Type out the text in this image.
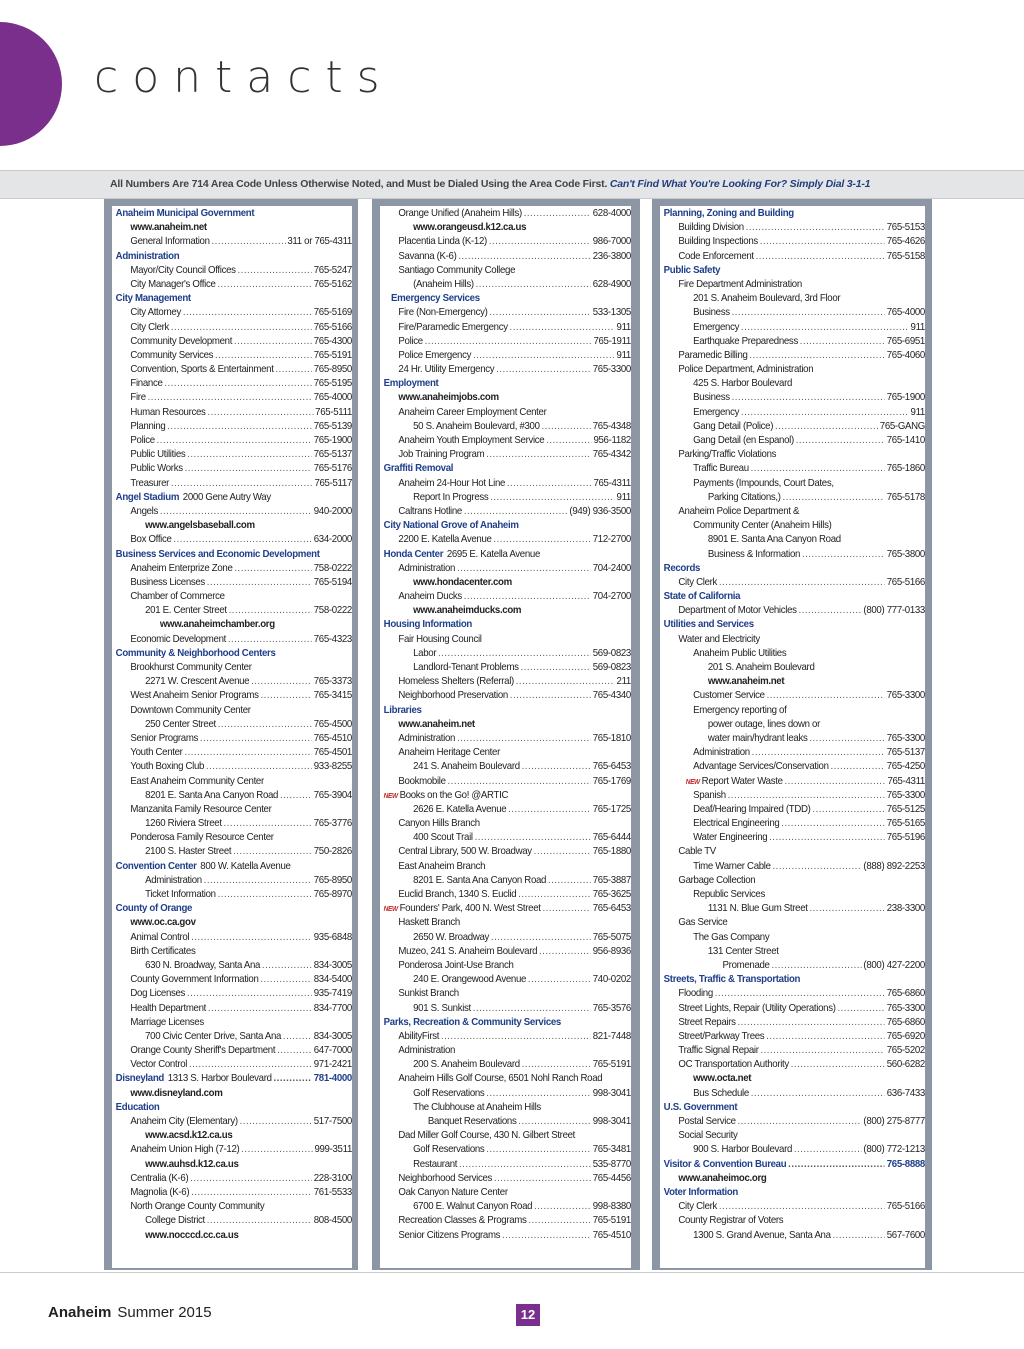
contacts
All Numbers Are 714 Area Code Unless Otherwise Noted, and Must be Dialed Using the Area Code First. Can't Find What You're Looking For? Simply Dial 3-1-1
Anaheim Municipal Government
www.anaheim.net
General Information . . .	311 or 765-4311
Administration
Mayor/City Council Offices . . .	765-5247
City Manager's Office . . .	765-5162
City Management
City Attorney . . .	765-5169
City Clerk . . .	765-5166
Community Development . . .	765-4300
Community Services . . .	765-5191
Convention, Sports & Entertainment . . .	765-8950
Finance . . .	765-5195
Fire . . .	765-4000
Human Resources . . .	765-5111
Planning . . .	765-5139
Police . . .	765-1900
Public Utilities . . .	765-5137
Public Works . . .	765-5176
Treasurer . . .	765-5117
Angel Stadium 2000 Gene Autry Way
Angels . . .	940-2000
www.angelsbaseball.com
Box Office . . .	634-2000
Business Services and Economic Development
Anaheim Enterprize Zone . . .	758-0222
Business Licenses . . .	765-5194
Chamber of Commerce
201 E. Center Street . . .	758-0222
www.anaheimchamber.org
Economic Development . . .	765-4323
Community & Neighborhood Centers
Brookhurst Community Center
2271 W. Crescent Avenue . . .	765-3373
West Anaheim Senior Programs . . .	765-3415
Downtown Community Center
250 Center Street . . .	765-4500
Senior Programs . . .	765-4510
Youth Center . . .	765-4501
Youth Boxing Club . . .	933-8255
East Anaheim Community Center
8201 E. Santa Ana Canyon Road . . .	765-3904
Manzanita Family Resource Center
1260 Riviera Street . . .	765-3776
Ponderosa Family Resource Center
2100 S. Haster Street . . .	750-2826
Convention Center 800 W. Katella Avenue
Administration . . .	765-8950
Ticket Information . . .	765-8970
County of Orange
www.oc.ca.gov
Animal Control . . .	935-6848
Birth Certificates
630 N. Broadway, Santa Ana . . .	834-3005
County Government Information . . .	834-5400
Dog Licenses . . .	935-7419
Health Department . . .	834-7700
Marriage Licenses
700 Civic Center Drive, Santa Ana . . .	834-3005
Orange County Sheriff's Department . . .	647-7000
Vector Control . . .	971-2421
Disneyland 1313 S. Harbor Boulevard . . .	781-4000
www.disneyland.com
Education
Anaheim City (Elementary) . . .	517-7500
www.acsd.k12.ca.us
Anaheim Union High (7-12) . . .	999-3511
www.auhsd.k12.ca.us
Centralia (K-6) . . .	228-3100
Magnolia (K-6) . . .	761-5533
North Orange County Community
College District . . .	808-4500
www.nocccd.cc.ca.us
Orange Unified (Anaheim Hills) . . .	628-4000
www.orangeusd.k12.ca.us
Placentia Linda (K-12) . . .	986-7000
Savanna (K-6) . . .	236-3800
Santiago Community College
(Anaheim Hills) . . .	628-4900
Emergency Services
Fire (Non-Emergency) . . .	533-1305
Fire/Paramedic Emergency . . .	911
Police . . .	765-1911
Police Emergency . . .	911
24 Hr. Utility Emergency . . .	765-3300
Employment
www.anaheimjobs.com
Anaheim Career Employment Center
50 S. Anaheim Boulevard, #300 . . .	765-4348
Anaheim Youth Employment Service . . .	956-1182
Job Training Program . . .	765-4342
Graffiti Removal
Anaheim 24-Hour Hot Line . . .	765-4311
Report In Progress . . .	911
Caltrans Hotline . . .	(949) 936-3500
City National Grove of Anaheim
2200 E. Katella Avenue . . .	712-2700
Honda Center 2695 E. Katella Avenue
Administration . . .	704-2400
www.hondacenter.com
Anaheim Ducks . . .	704-2700
www.anaheimducks.com
Housing Information
Fair Housing Council
Labor . . .	569-0823
Landlord-Tenant Problems . . .	569-0823
Homeless Shelters (Referral) . . .	211
Neighborhood Preservation . . .	765-4340
Libraries
www.anaheim.net
Administration . . .	765-1810
Anaheim Heritage Center
241 S. Anaheim Boulevard . . .	765-6453
Bookmobile . . .	765-1769
NEW Books on the Go! @ARTIC
2626 E. Katella Avenue . . .	765-1725
Canyon Hills Branch
400 Scout Trail . . .	765-6444
Central Library, 500 W. Broadway . . .	765-1880
East Anaheim Branch
8201 E. Santa Ana Canyon Road . . .	765-3887
Euclid Branch, 1340 S. Euclid . . .	765-3625
NEW Founders' Park, 400 N. West Street . . .	765-6453
Haskett Branch
2650 W. Broadway . . .	765-5075
Muzeo, 241 S. Anaheim Boulevard . . .	956-8936
Ponderosa Joint-Use Branch
240 E. Orangewood Avenue . . .	740-0202
Sunkist Branch
901 S. Sunkist . . .	765-3576
Parks, Recreation & Community Services
AbilityFirst . . .	821-7448
Administration
200 S. Anaheim Boulevard . . .	765-5191
Anaheim Hills Golf Course, 6501 Nohl Ranch Road
Golf Reservations . . .	998-3041
The Clubhouse at Anaheim Hills
Banquet Reservations . . .	998-3041
Dad Miller Golf Course, 430 N. Gilbert Street
Golf Reservations . . .	765-3481
Restaurant . . .	535-8770
Neighborhood Services . . .	765-4456
Oak Canyon Nature Center
6700 E. Walnut Canyon Road . . .	998-8380
Recreation Classes & Programs . . .	765-5191
Senior Citizens Programs . . .	765-4510
Planning, Zoning and Building
Building Division . . .	765-5153
Building Inspections . . .	765-4626
Code Enforcement . . .	765-5158
Public Safety
Fire Department Administration
201 S. Anaheim Boulevard, 3rd Floor
Business . . .	765-4000
Emergency . . .	911
Earthquake Preparedness . . .	765-6951
Paramedic Billing . . .	765-4060
Police Department, Administration
425 S. Harbor Boulevard
Business . . .	765-1900
Emergency . . .	911
Gang Detail (Police) . . .	765-GANG
Gang Detail (en Espanol) . . .	765-1410
Parking/Traffic Violations
Traffic Bureau . . .	765-1860
Payments (Impounds, Court Dates,
Parking Citations,) . . .	765-5178
Anaheim Police Department &
Community Center (Anaheim Hills)
8901 E. Santa Ana Canyon Road
Business & Information . . .	765-3800
Records
City Clerk . . .	765-5166
State of California
Department of Motor Vehicles . . .	(800) 777-0133
Utilities and Services
Water and Electricity
Anaheim Public Utilities
201 S. Anaheim Boulevard
www.anaheim.net
Customer Service . . .	765-3300
Emergency reporting of
power outage, lines down or
water main/hydrant leaks . . .	765-3300
Administration . . .	765-5137
Advantage Services/Conservation . . .	765-4250
NEW Report Water Waste . . .	765-4311
Spanish . . .	765-3300
Deaf/Hearing Impaired (TDD) . . .	765-5125
Electrical Engineering . . .	765-5165
Water Engineering . . .	765-5196
Cable TV
Time Warner Cable . . .	(888) 892-2253
Garbage Collection
Republic Services
1131 N. Blue Gum Street . . .	238-3300
Gas Service
The Gas Company
131 Center Street
Promenade . . .	(800) 427-2200
Streets, Traffic & Transportation
Flooding . . .	765-6860
Street Lights, Repair (Utility Operations) . . .	765-3300
Street Repairs . . .	765-6860
Street/Parkway Trees . . .	765-6920
Traffic Signal Repair . . .	765-5202
OC Transportation Authority . . .	560-6282
www.octa.net
Bus Schedule . . .	636-7433
U.S. Government
Postal Service . . .	(800) 275-8777
Social Security
900 S. Harbor Boulevard . . .	(800) 772-1213
Visitor & Convention Bureau . . .	765-8888
www.anaheimoc.org
Voter Information
City Clerk . . .	765-5166
County Registrar of Voters
1300 S. Grand Avenue, Santa Ana . . .	567-7600
Anaheim Summer 2015	12
